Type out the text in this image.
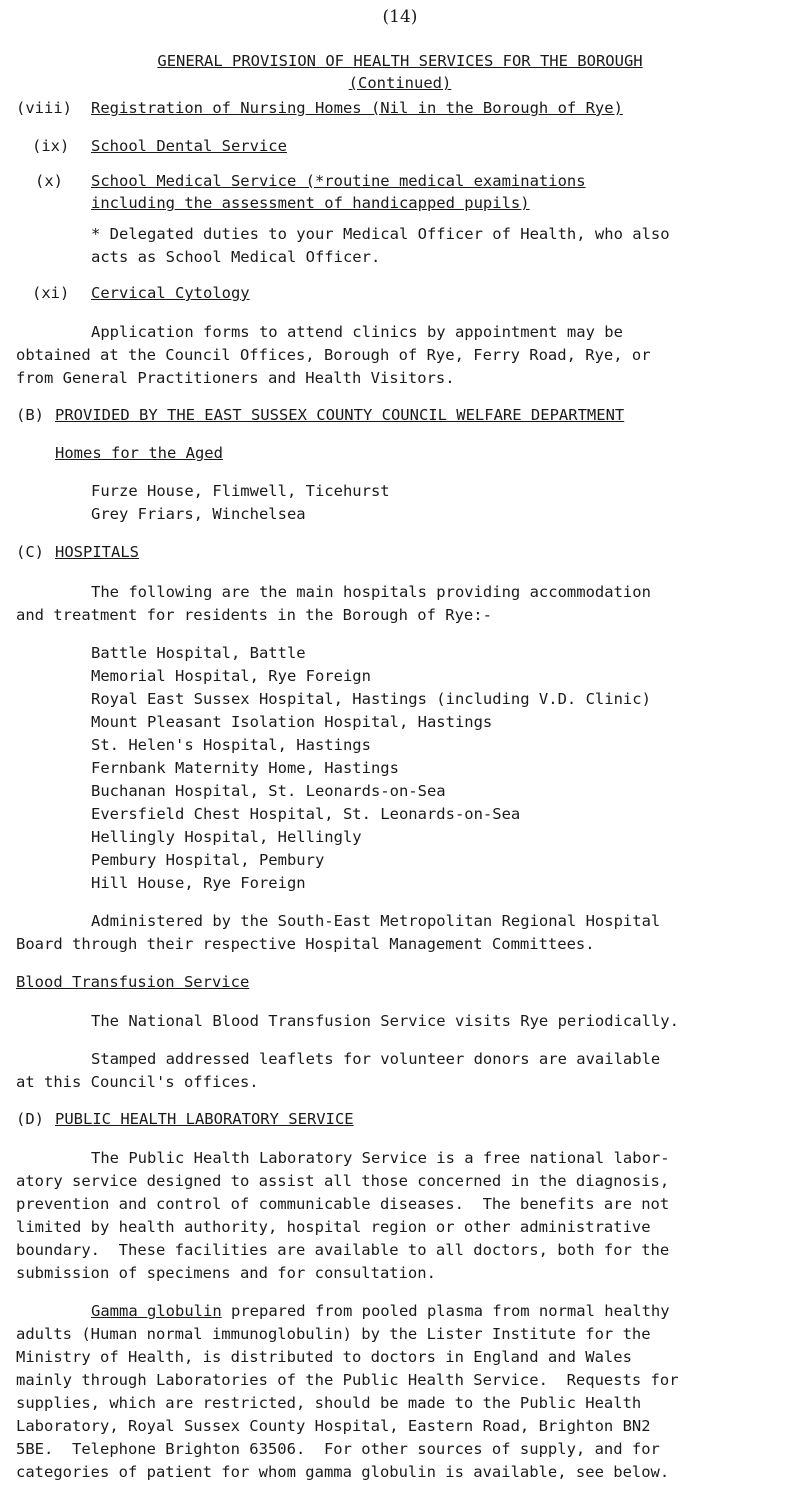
(14)
GENERAL PROVISION OF HEALTH SERVICES FOR THE BOROUGH
(Continued)
(viii) Registration of Nursing Homes (Nil in the Borough of Rye)
(ix) School Dental Service
(x) School Medical Service (*routine medical examinations
including the assessment of handicapped pupils)
* Delegated duties to your Medical Officer of Health, who also
acts as School Medical Officer.
(xi) Cervical Cytology
Application forms to attend clinics by appointment may be
obtained at the Council Offices, Borough of Rye, Ferry Road, Rye, or
from General Practitioners and Health Visitors.
(B) PROVIDED BY THE EAST SUSSEX COUNTY COUNCIL WELFARE DEPARTMENT
Homes for the Aged
Furze House, Flimwell, Ticehurst
Grey Friars, Winchelsea
(C) HOSPITALS
The following are the main hospitals providing accommodation
and treatment for residents in the Borough of Rye:-
Battle Hospital, Battle
Memorial Hospital, Rye Foreign
Royal East Sussex Hospital, Hastings (including V.D. Clinic)
Mount Pleasant Isolation Hospital, Hastings
St. Helen's Hospital, Hastings
Fernbank Maternity Home, Hastings
Buchanan Hospital, St. Leonards-on-Sea
Eversfield Chest Hospital, St. Leonards-on-Sea
Hellingly Hospital, Hellingly
Pembury Hospital, Pembury
Hill House, Rye Foreign
Administered by the South-East Metropolitan Regional Hospital
Board through their respective Hospital Management Committees.
Blood Transfusion Service
The National Blood Transfusion Service visits Rye periodically.
Stamped addressed leaflets for volunteer donors are available
at this Council's offices.
(D) PUBLIC HEALTH LABORATORY SERVICE
The Public Health Laboratory Service is a free national labor-
atory service designed to assist all those concerned in the diagnosis,
prevention and control of communicable diseases.  The benefits are not
limited by health authority, hospital region or other administrative
boundary.  These facilities are available to all doctors, both for the
submission of specimens and for consultation.
Gamma globulin prepared from pooled plasma from normal healthy
adults (Human normal immunoglobulin) by the Lister Institute for the
Ministry of Health, is distributed to doctors in England and Wales
mainly through Laboratories of the Public Health Service.  Requests for
supplies, which are restricted, should be made to the Public Health
Laboratory, Royal Sussex County Hospital, Eastern Road, Brighton BN2
5BE.  Telephone Brighton 63506.  For other sources of supply, and for
categories of patient for whom gamma globulin is available, see below.
